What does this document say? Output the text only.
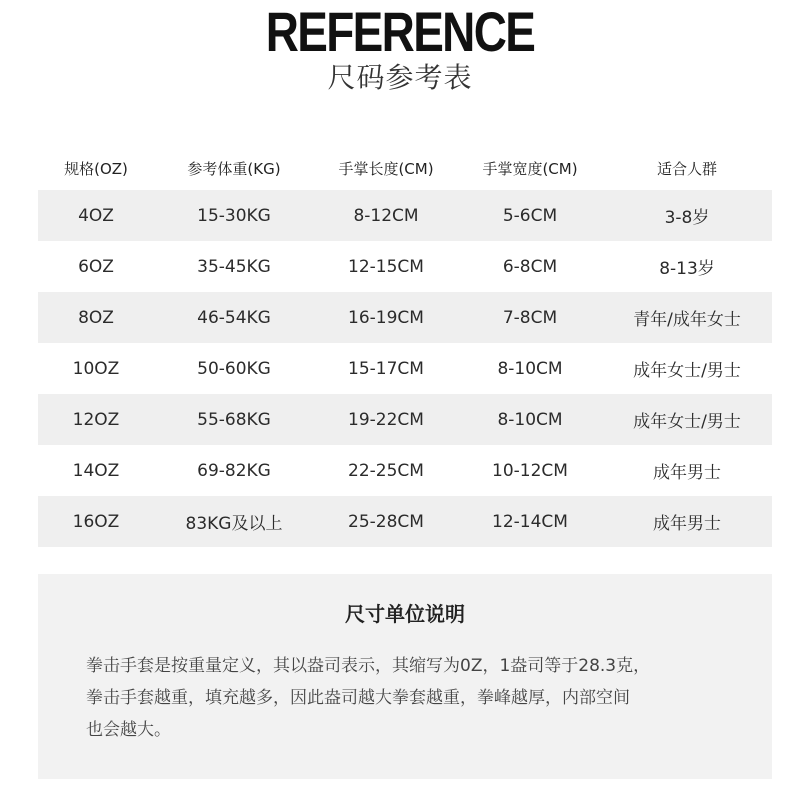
REFERENCE
尺码参考表
规格(OZ)	参考体重(KG)	手掌长度(CM)	手掌宽度(CM)	适合人群
4OZ	15-30KG	8-12CM	5-6CM	3-8岁
6OZ	35-45KG	12-15CM	6-8CM	8-13岁
8OZ	46-54KG	16-19CM	7-8CM	青年/成年女士
10OZ	50-60KG	15-17CM	8-10CM	成年女士/男士
12OZ	55-68KG	19-22CM	8-10CM	成年女士/男士
14OZ	69-82KG	22-25CM	10-12CM	成年男士
16OZ	83KG及以上	25-28CM	12-14CM	成年男士
尺寸单位说明
拳击手套是按重量定义，其以盎司表示，其缩写为0Z，1盎司等于28.3克，
拳击手套越重，填充越多，因此盎司越大拳套越重，拳峰越厚，内部空间
也会越大。
